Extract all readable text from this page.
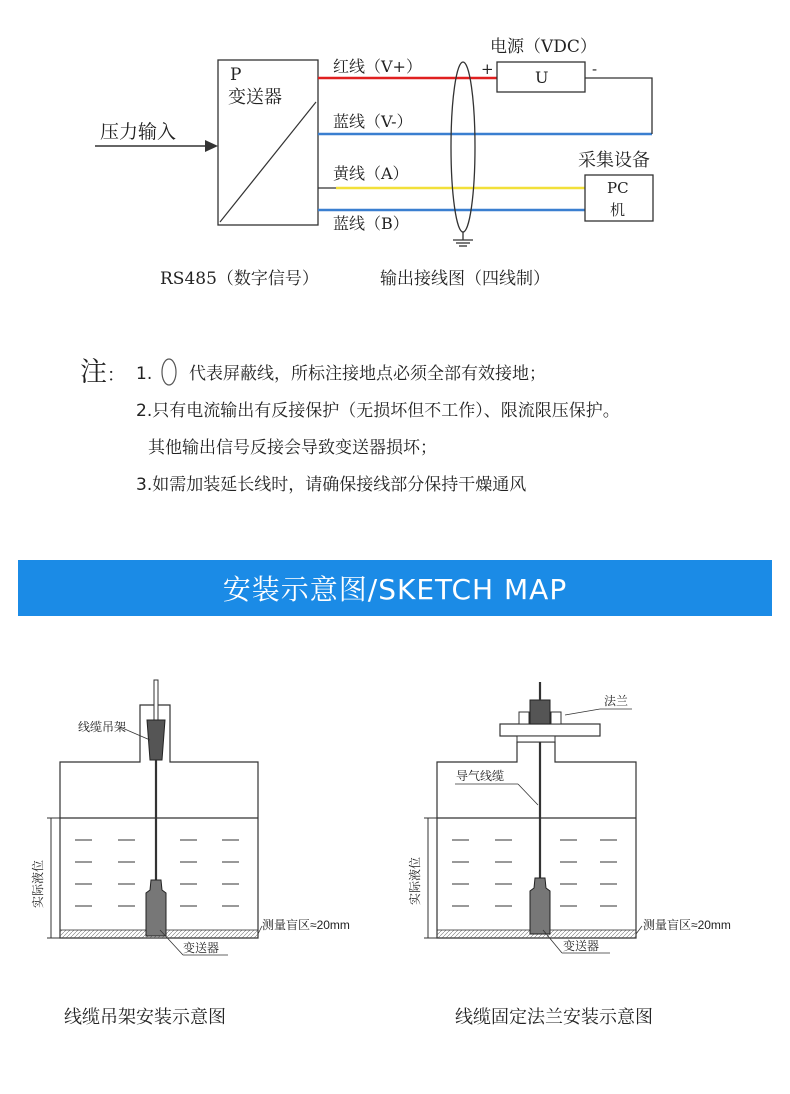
P
变送器
压力输入
电源（VDC）
U
+	-
采集设备
PC
机
红线（V+）
蓝线（V-）
黄线（A）
蓝线（B）
RS485（数字信号）	输出接线图（四线制）
注： 1. 代表屏蔽线，所标注接地点必须全部有效接地；
2.只有电流输出有反接保护（无损坏但不工作）、限流限压保护。
其他输出信号反接会导致变送器损坏；
3.如需加装延长线时，请确保接线部分保持干燥通风
安装示意图/SKETCH MAP
实际液位
线缆吊架
测量盲区≈20mm
变送器
线缆吊架安装示意图
实际液位
法兰
导气线缆
测量盲区≈20mm
变送器
线缆固定法兰安装示意图
